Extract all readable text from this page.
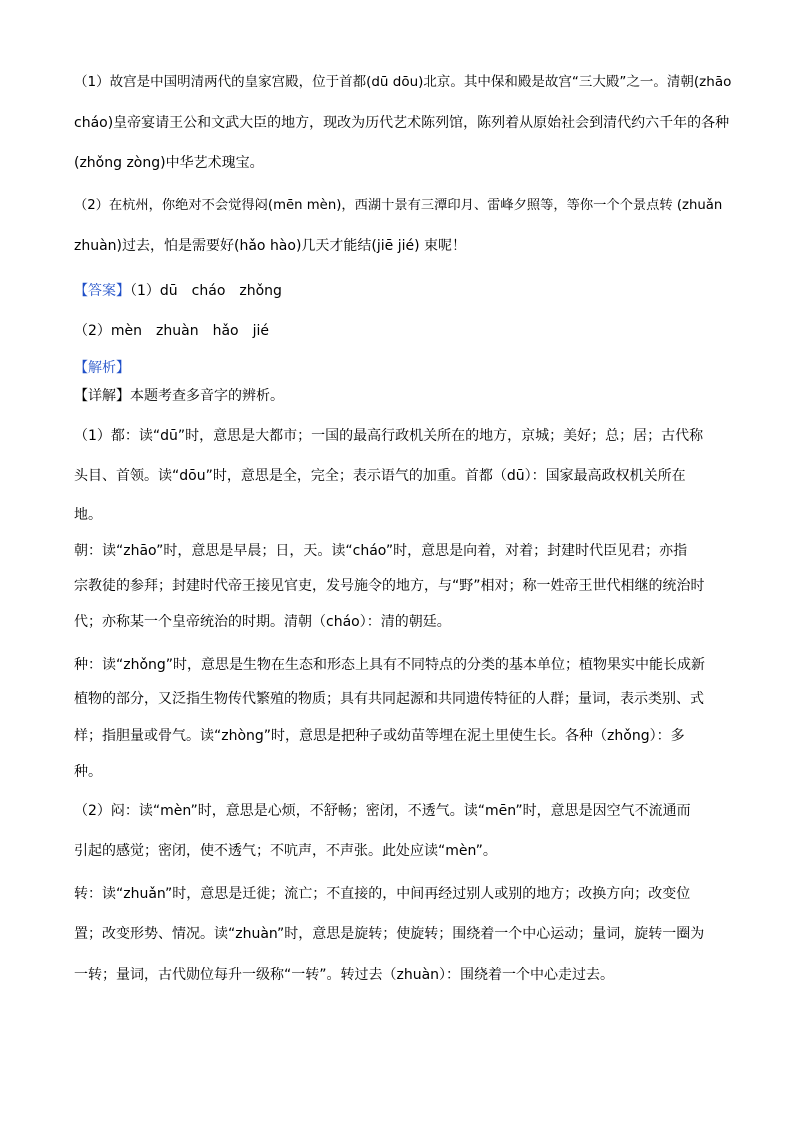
（1）故宫是中国明清两代的皇家宫殿，位于首都(dū dōu)北京。其中保和殿是故宫“三大殿”之一。清朝(zhāo
cháo)皇帝宴请王公和文武大臣的地方，现改为历代艺术陈列馆，陈列着从原始社会到清代约六千年的各种
(zhǒng zòng)中华艺术瑰宝。
（2）在杭州，你绝对不会觉得闷(mēn mèn)，西湖十景有三潭印月、雷峰夕照等，等你一个个景点转 (zhuǎn
zhuàn)过去，怕是需要好(hǎo hào)几天才能结(jiē jié) 束呢！
【答案】（1）dū　cháo　zhǒng
（2）mèn　zhuàn　hǎo　jié
【解析】
【详解】本题考查多音字的辨析。
（1）都：读“dū”时，意思是大都市；一国的最高行政机关所在的地方，京城；美好；总；居；古代称
头目、首领。读“dōu”时，意思是全，完全；表示语气的加重。首都（dū）：国家最高政权机关所在
地。
朝：读“zhāo”时，意思是早晨；日，天。读“cháo”时，意思是向着，对着；封建时代臣见君；亦指
宗教徒的参拜；封建时代帝王接见官吏，发号施令的地方，与“野”相对；称一姓帝王世代相继的统治时
代；亦称某一个皇帝统治的时期。清朝（cháo）：清的朝廷。
种：读“zhǒng”时，意思是生物在生态和形态上具有不同特点的分类的基本单位；植物果实中能长成新
植物的部分，又泛指生物传代繁殖的物质；具有共同起源和共同遗传特征的人群；量词，表示类别、式
样；指胆量或骨气。读“zhòng”时，意思是把种子或幼苗等埋在泥土里使生长。各种（zhǒng）：多
种。
（2）闷：读“mèn”时，意思是心烦，不舒畅；密闭，不透气。读“mēn”时，意思是因空气不流通而
引起的感觉；密闭，使不透气；不吭声，不声张。此处应读“mèn”。
转：读“zhuǎn”时，意思是迁徙；流亡；不直接的，中间再经过别人或别的地方；改换方向；改变位
置；改变形势、情况。读“zhuàn”时，意思是旋转；使旋转；围绕着一个中心运动；量词，旋转一圈为
一转；量词，古代勋位每升一级称“一转”。转过去（zhuàn）：围绕着一个中心走过去。
